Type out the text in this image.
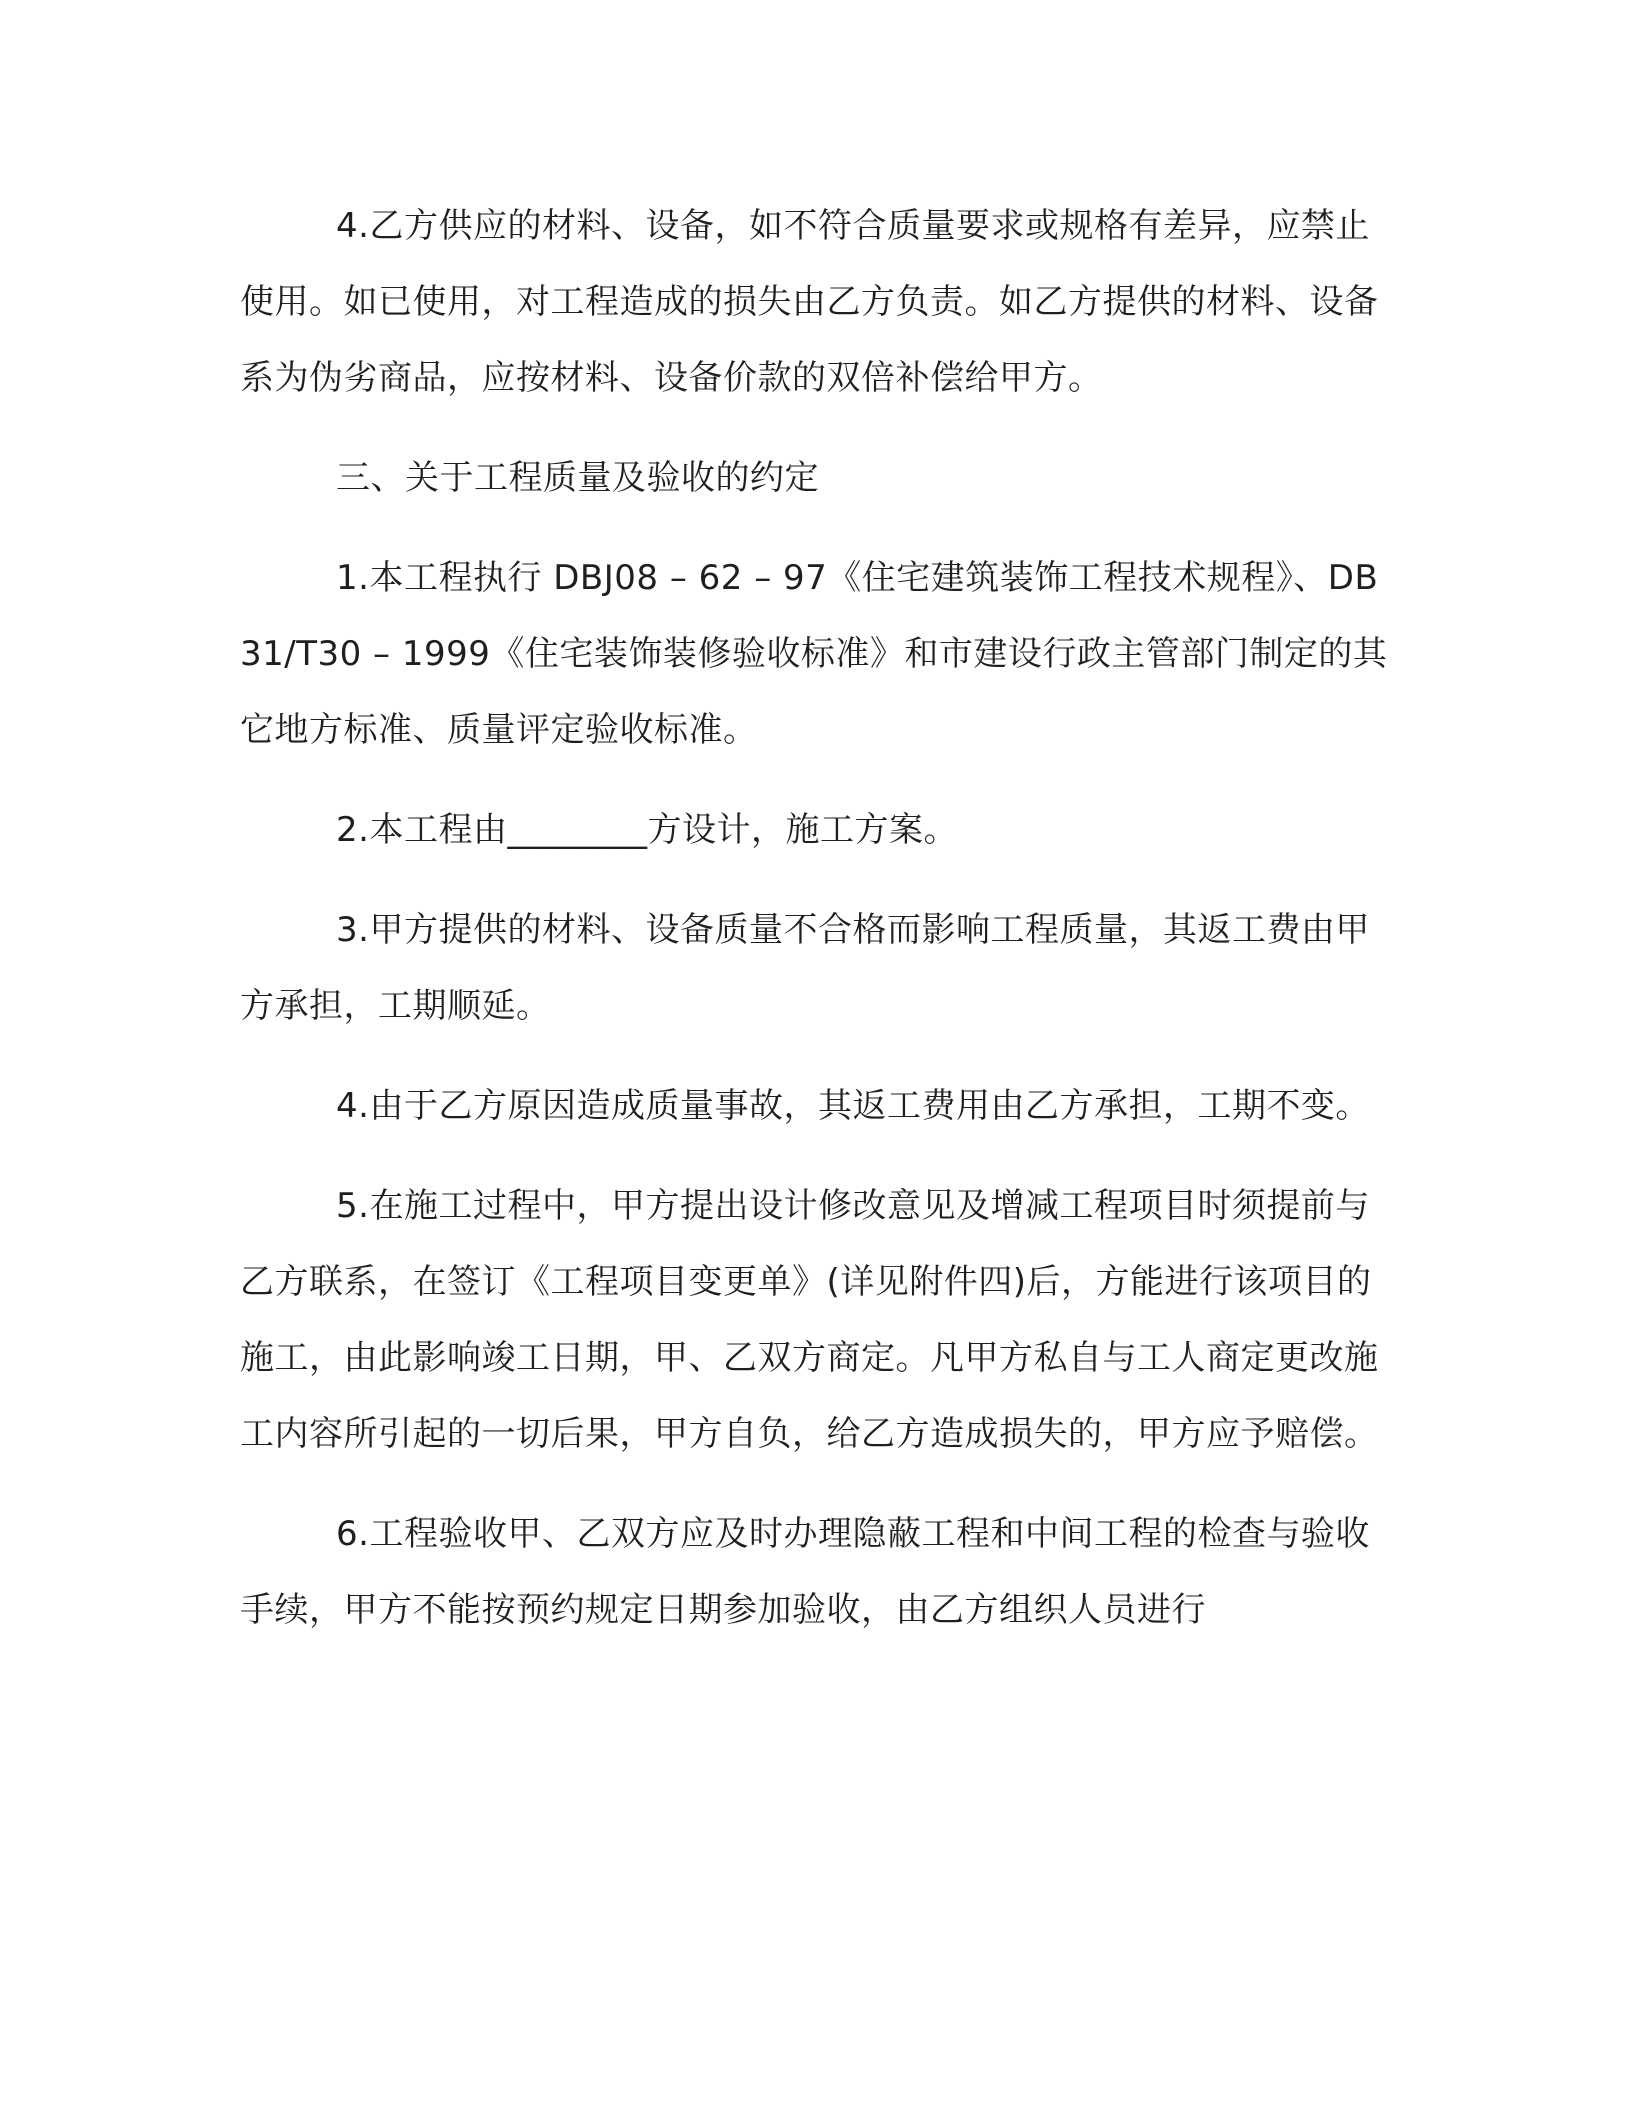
4.乙方供应的材料、设备，如不符合质量要求或规格有差异，应禁止使用。如已使用，对工程造成的损失由乙方负责。如乙方提供的材料、设备系为伪劣商品，应按材料、设备价款的双倍补偿给甲方。

三、关于工程质量及验收的约定

1.本工程执行 DBJ08 – 62 – 97《住宅建筑装饰工程技术规程》、DB31/T30 – 1999《住宅装饰装修验收标准》和市建设行政主管部门制定的其它地方标准、质量评定验收标准。

2.本工程由________方设计，施工方案。

3.甲方提供的材料、设备质量不合格而影响工程质量，其返工费由甲方承担，工期顺延。

4.由于乙方原因造成质量事故，其返工费用由乙方承担，工期不变。

5.在施工过程中，甲方提出设计修改意见及增减工程项目时须提前与乙方联系，在签订《工程项目变更单》(详见附件四)后，方能进行该项目的施工，由此影响竣工日期，甲、乙双方商定。凡甲方私自与工人商定更改施工内容所引起的一切后果，甲方自负，给乙方造成损失的，甲方应予赔偿。

6.工程验收甲、乙双方应及时办理隐蔽工程和中间工程的检查与验收手续，甲方不能按预约规定日期参加验收，由乙方组织人员进行
